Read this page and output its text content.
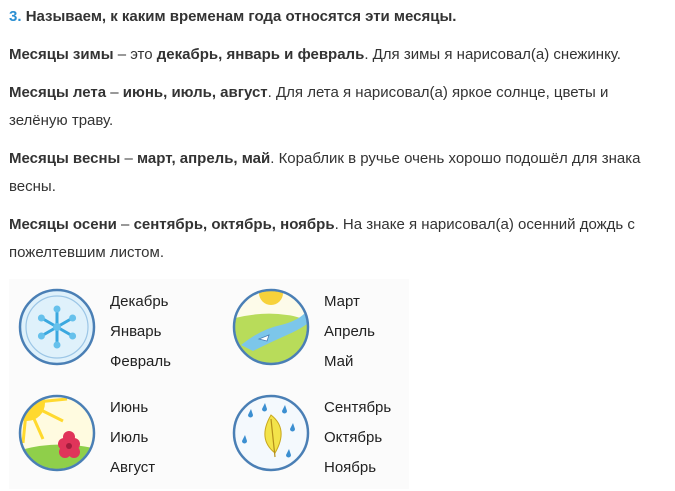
3. Называем, к каким временам года относятся эти месяцы.

Месяцы зимы – это декабрь, январь и февраль. Для зимы я нарисовал(а) снежинку.

Месяцы лета – июнь, июль, август. Для лета я нарисовал(а) яркое солнце, цветы и зелёную траву.

Месяцы весны – март, апрель, май. Кораблик в ручье очень хорошо подошёл для знака весны.

Месяцы осени – сентябрь, октябрь, ноябрь. На знаке я нарисовал(а) осенний дождь с пожелтевшим листом.

Декабрь
Январь
Февраль
Март
Апрель
Май
Июнь
Июль
Август
Сентябрь
Октябрь
Ноябрь
